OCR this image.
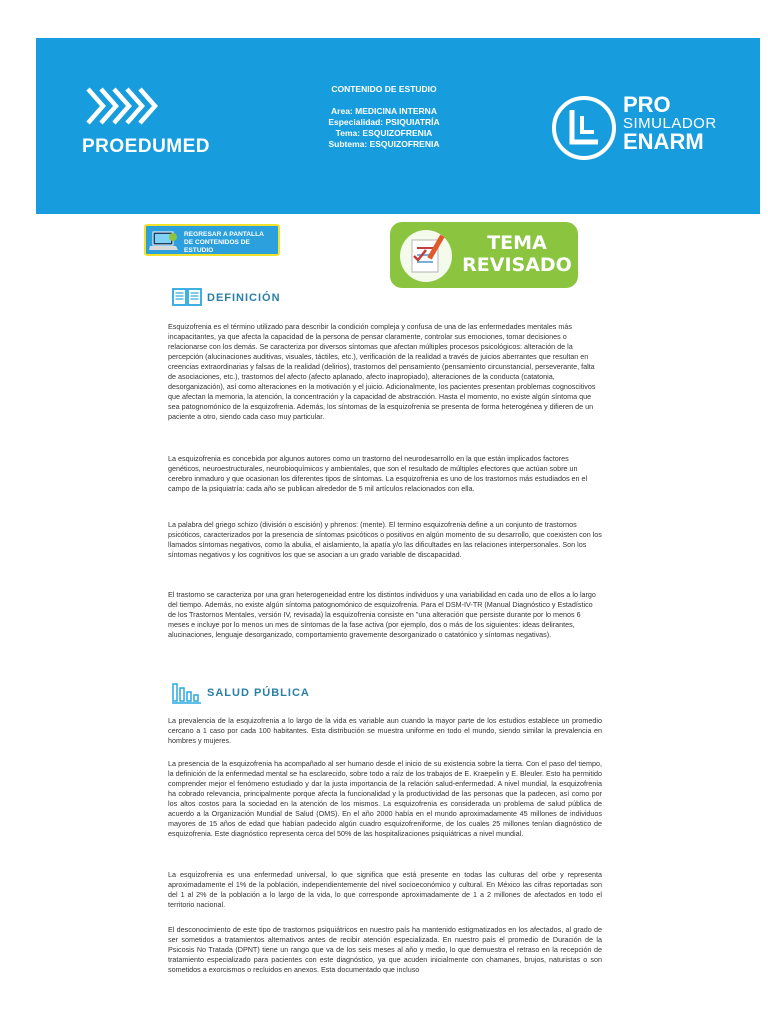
PROEDUMED
CONTENIDO DE ESTUDIO
Area: MEDICINA INTERNA
Especialidad: PSIQUIATRÍA
Tema: ESQUIZOFRENIA
Subtema: ESQUIZOFRENIA
PRO
SIMULADOR
ENARM
REGRESAR A PANTALLA
DE CONTENIDOS DE ESTUDIO	TEMA
REVISADO
DEFINICIÓN

Esquizofrenia es el término utilizado para describir la condición compleja y confusa de una de las enfermedades mentales más incapacitantes, ya que afecta la capacidad de la persona de pensar claramente, controlar sus emociones, tomar decisiones o relacionarse con los demás. Se caracteriza por diversos síntomas que afectan múltiples procesos psicológicos: alteración de la percepción (alucinaciones auditivas, visuales, táctiles, etc.), verificación de la realidad a través de juicios aberrantes que resultan en creencias extraordinarias y falsas de la realidad (delirios), trastornos del pensamiento (pensamiento circunstancial, perseverante, falta de asociaciones, etc.), trastornos del afecto (afecto aplanado, afecto inapropiado), alteraciones de la conducta (catatonia, desorganización), así como alteraciones en la motivación y el juicio. Adicionalmente, los pacientes presentan problemas cognoscitivos que afectan la memoria, la atención, la concentración y la capacidad de abstracción. Hasta el momento, no existe algún síntoma que sea patognomónico de la esquizofrenia. Además, los síntomas de la esquizofrenia se presenta de forma heterogénea y difieren de un paciente a otro, siendo cada caso muy particular.

La esquizofrenia es concebida por algunos autores como un trastorno del neurodesarrollo en la que están implicados factores genéticos, neuroestructurales, neurobioquímicos y ambientales, que son el resultado de múltiples efectores que actúan sobre un cerebro inmaduro y que ocasionan los diferentes tipos de síntomas. La esquizofrenia es uno de los trastornos más estudiados en el campo de la psiquiatría: cada año se publican alrededor de 5 mil artículos relacionados con ella.

La palabra del griego schizo (división o escisión) y phrenos: (mente). El termino esquizofrenia define a un conjunto de trastornos psicóticos, caracterizados por la presencia de síntomas psicóticos o positivos en algún momento de su desarrollo, que coexisten con los llamados síntomas negativos, como la abulia, el aislamiento, la apatía y/o las dificultades en las relaciones interpersonales. Son los síntomas negativos y los cognitivos los que se asocian a un grado variable de discapacidad.

El trastorno se caracteriza por una gran heterogeneidad entre los distintos individuos y una variabilidad en cada uno de ellos a lo largo del tiempo. Además, no existe algún síntoma patognomónico de esquizofrenia. Para el DSM-IV-TR (Manual Diagnóstico y Estadístico de los Trastornos Mentales, versión IV, revisada) la esquizofrenia consiste en "una alteración que persiste durante por lo menos 6 meses e incluye por lo menos un mes de síntomas de la fase activa (por ejemplo, dos o más de los siguientes: ideas delirantes, alucinaciones, lenguaje desorganizado, comportamiento gravemente desorganizado o catatónico y síntomas negativas).

SALUD PÚBLICA

La prevalencia de la esquizofrenia a lo largo de la vida es variable aun cuando la mayor parte de los estudios establece un promedio cercano a 1 caso por cada 100 habitantes. Esta distribución se muestra uniforme en todo el mundo, siendo similar la prevalencia en hombres y mujeres.

La presencia de la esquizofrenia ha acompañado al ser humano desde el inicio de su existencia sobre la tierra. Con el paso del tiempo, la definición de la enfermedad mental se ha esclarecido, sobre todo a raíz de los trabajos de E. Kraepelin y E. Bleuler. Esto ha permitido comprender mejor el fenómeno estudiado y dar la justa importancia de la relación salud-enfermedad. A nivel mundial, la esquizofrenia ha cobrado relevancia, principalmente porque afecta la funcionalidad y la productividad de las personas que la padecen, así como por los altos costos para la sociedad en la atención de los mismos. La esquizofrenia es considerada un problema de salud pública de acuerdo a la Organización Mundial de Salud (OMS). En el año 2000 había en el mundo aproximadamente 45 millones de individuos mayores de 15 años de edad que habían padecido algún cuadro esquizofreniforme, de los cuales 25 millones tenían diagnóstico de esquizofrenia. Este diagnóstico representa cerca del 50% de las hospitalizaciones psiquiátricas a nivel mundial.

La esquizofrenia es una enfermedad universal, lo que significa que está presente en todas las culturas del orbe y representa aproximadamente el 1% de la población, independientemente del nivel socioeconómico y cultural. En México las cifras reportadas son del 1 al 2% de la población a lo largo de la vida, lo que corresponde aproximadamente de 1 a 2 millones de afectados en todo el territorio nacional.

El desconocimiento de este tipo de trastornos psiquiátricos en nuestro país ha mantenido estigmatizados en los afectados, al grado de ser sometidos a tratamientos alternativos antes de recibir atención especializada. En nuestro país el promedio de Duración de la Psicosis No Tratada (DPNT) tiene un rango que va de los seis meses al año y medio, lo que demuestra el retraso en la recepción de tratamiento especializado para pacientes con este diagnóstico, ya que acuden inicialmente con chamanes, brujos, naturistas o son sometidos a exorcismos o recluidos en anexos. Esta documentado que incluso
